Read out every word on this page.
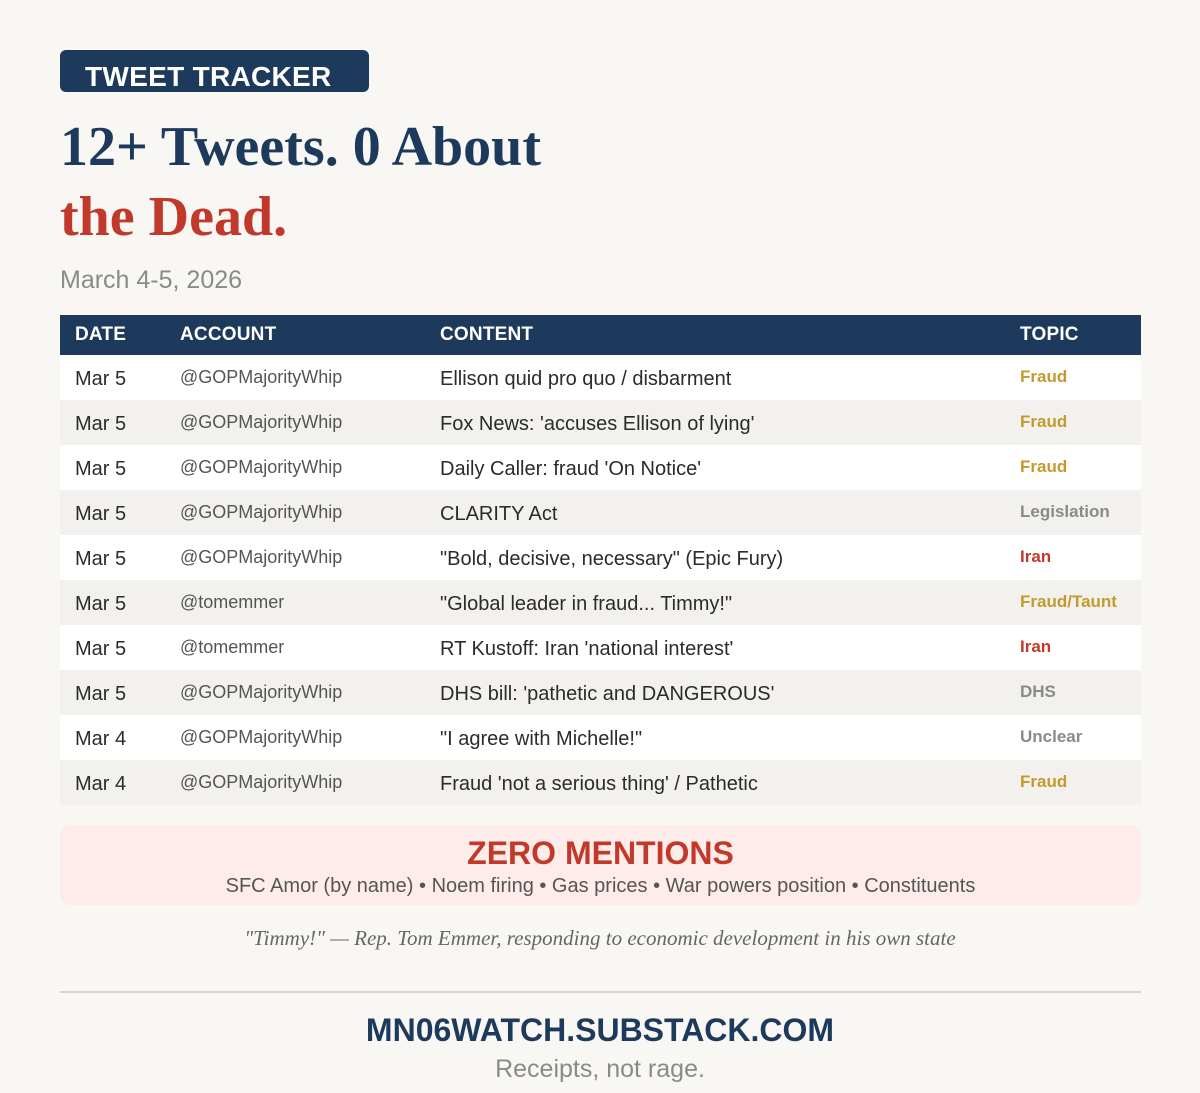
TWEET TRACKER
12+ Tweets. 0 About
the Dead.
March 4-5, 2026
DATE	ACCOUNT	CONTENT	TOPIC
Mar 5	@GOPMajorityWhip	Ellison quid pro quo / disbarment	Fraud
Mar 5	@GOPMajorityWhip	Fox News: 'accuses Ellison of lying'	Fraud
Mar 5	@GOPMajorityWhip	Daily Caller: fraud 'On Notice'	Fraud
Mar 5	@GOPMajorityWhip	CLARITY Act	Legislation
Mar 5	@GOPMajorityWhip	"Bold, decisive, necessary" (Epic Fury)	Iran
Mar 5	@tomemmer	"Global leader in fraud... Timmy!"	Fraud/Taunt
Mar 5	@tomemmer	RT Kustoff: Iran 'national interest'	Iran
Mar 5	@GOPMajorityWhip	DHS bill: 'pathetic and DANGEROUS'	DHS
Mar 4	@GOPMajorityWhip	"I agree with Michelle!"	Unclear
Mar 4	@GOPMajorityWhip	Fraud 'not a serious thing' / Pathetic	Fraud
ZERO MENTIONS
SFC Amor (by name) • Noem firing • Gas prices • War powers position • Constituents
"Timmy!" — Rep. Tom Emmer, responding to economic development in his own state
MN06WATCH.SUBSTACK.COM
Receipts, not rage.
